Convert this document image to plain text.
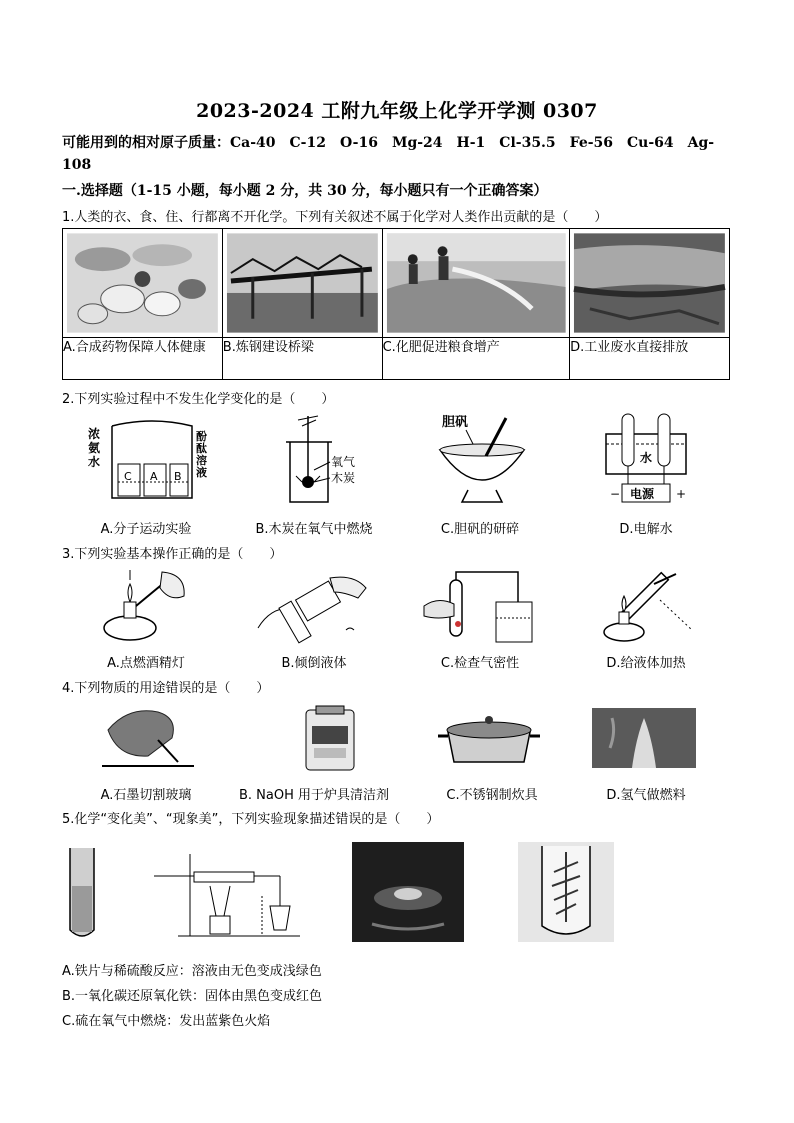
2023-2024 工附九年级上化学开学测 0307
可能用到的相对原子质量：Ca-40　C-12　O-16　Mg-24　H-1　Cl-35.5　Fe-56　Cu-64　Ag-108
一.选择题（1-15 小题，每小题 2 分，共 30 分，每小题只有一个正确答案）
1.人类的衣、食、住、行都离不开化学。下列有关叙述不属于化学对人类作出贡献的是（　　）

A.合成药物保障人体健康	B.炼钢建设桥梁	C.化肥促进粮食增产	D.工业废水直接排放
2.下列实验过程中不发生化学变化的是（　　）
C A B
浓
氨
水
酚
酞
溶
液
氧气
木炭
胆矾
水
− 电源 +
A.分子运动实验	B.木炭在氧气中燃烧	C.胆矾的研碎	D.电解水
3.下列实验基本操作正确的是（　　）
A.点燃酒精灯	B.倾倒液体	C.检查气密性	D.给液体加热
4.下列物质的用途错误的是（　　）
A.石墨切割玻璃	B. NaOH 用于炉具清洁剂	C.不锈钢制炊具	D.氢气做燃料
5.化学“变化美”、“现象美”，下列实验现象描述错误的是（　　）
A.铁片与稀硫酸反应：溶液由无色变成浅绿色
B.一氧化碳还原氧化铁：固体由黑色变成红色
C.硫在氧气中燃烧：发出蓝紫色火焰
